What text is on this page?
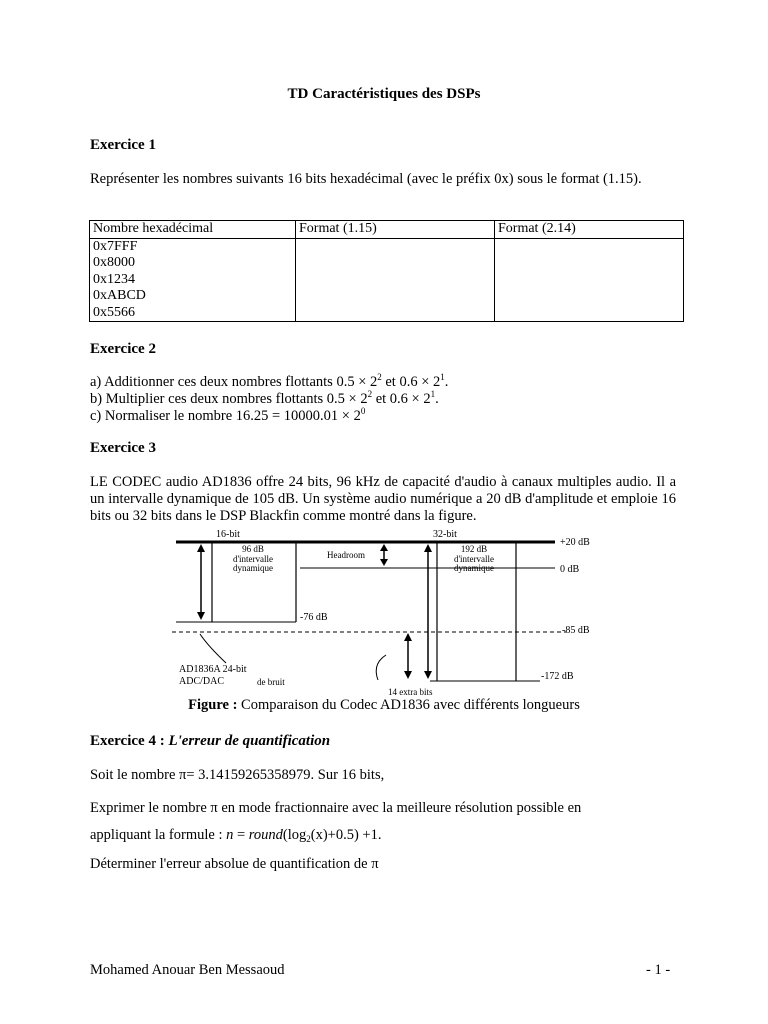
TD Caractéristiques des DSPs
Exercice 1
Représenter les nombres suivants 16 bits hexadécimal (avec le préfix 0x) sous le format (1.15).
Nombre hexadécimal	Format (1.15)	Format (2.14)

0x7FFF
0x8000
0x1234
0xABCD
0x5566		

Exercice 2
a) Additionner ces deux nombres flottants $0.5 \times 2^2$ et $0.6 \times 2^1$.
b) Multiplier ces deux nombres flottants $0.5 \times 2^2$ et $0.6 \times 2^1$.
c) Normaliser le nombre $16.25 = 10000.01 \times 2^0$
Exercice 3
LE CODEC audio AD1836 offre 24 bits, 96 kHz de capacité d'audio à canaux multiples audio. Il a un intervalle dynamique de 105 dB. Un système audio numérique a 20 dB d'amplitude et emploie 16 bits ou 32 bits dans le DSP Blackfin comme montré dans la figure.
16-bit	32-bit
96 dB
d'intervalle
dynamique
Headroom
192 dB
d'intervalle
dynamique
+20 dB
0 dB
-76 dB
-85 dB
-172 dB
AD1836A 24-bit
ADC/DAC	de bruit
14 extra bits
Figure : Comparaison du Codec AD1836 avec différents longueurs
Exercice 4 : L'erreur de quantification
Soit le nombre π= 3.14159265358979. Sur 16 bits,
Exprimer le nombre π en mode fractionnaire avec la meilleure résolution possible en
appliquant la formule : $n = round(\log_2(x)+0.5) +1$.
Déterminer l'erreur absolue de quantification de π
Mohamed Anouar Ben Messaoud	- 1 -
